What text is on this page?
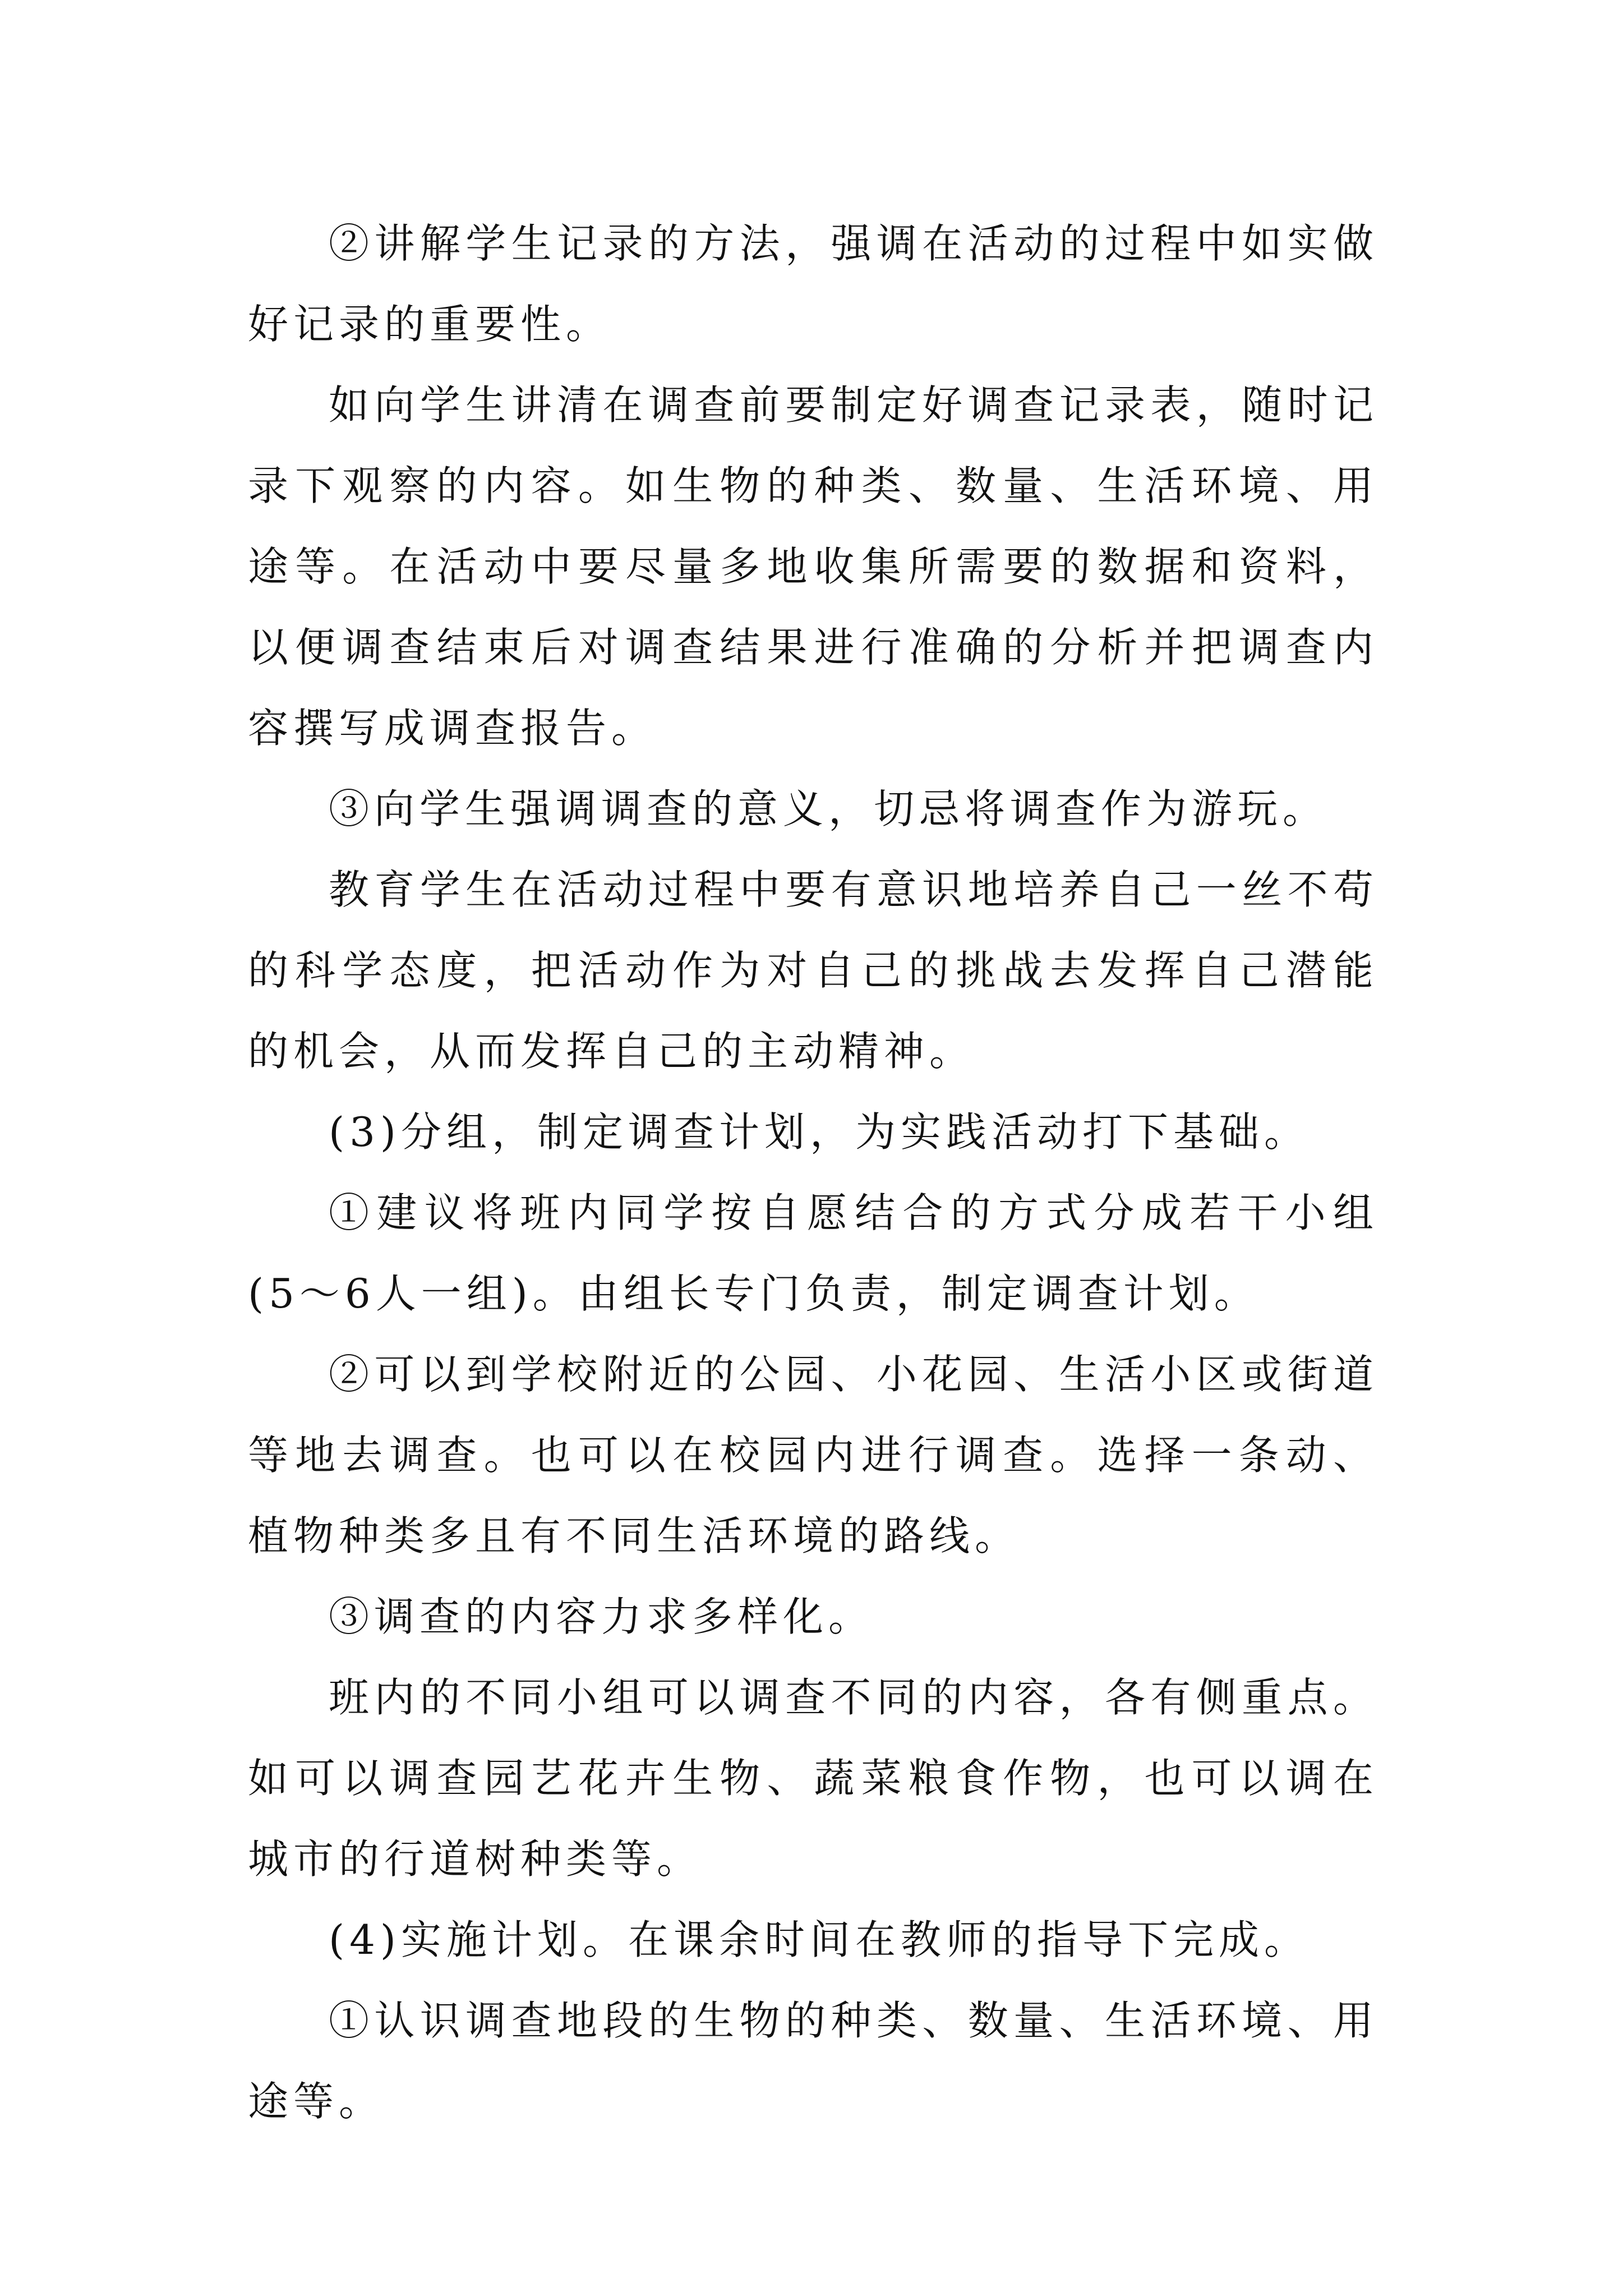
②讲解学生记录的方法，强调在活动的过程中如实做好记录的重要性。

如向学生讲清在调查前要制定好调查记录表，随时记录下观察的内容。如生物的种类、数量、生活环境、用途等。在活动中要尽量多地收集所需要的数据和资料，以便调查结束后对调查结果进行准确的分析并把调查内容撰写成调查报告。

③向学生强调调查的意义，切忌将调查作为游玩。

教育学生在活动过程中要有意识地培养自己一丝不苟的科学态度，把活动作为对自己的挑战去发挥自己潜能的机会，从而发挥自己的主动精神。

(3)分组，制定调查计划，为实践活动打下基础。

①建议将班内同学按自愿结合的方式分成若干小组(5～6人一组)。由组长专门负责，制定调查计划。

②可以到学校附近的公园、小花园、生活小区或街道等地去调查。也可以在校园内进行调查。选择一条动、植物种类多且有不同生活环境的路线。

③调查的内容力求多样化。

班内的不同小组可以调查不同的内容，各有侧重点。如可以调查园艺花卉生物、蔬菜粮食作物，也可以调在城市的行道树种类等。

(4)实施计划。在课余时间在教师的指导下完成。

①认识调查地段的生物的种类、数量、生活环境、用途等。
